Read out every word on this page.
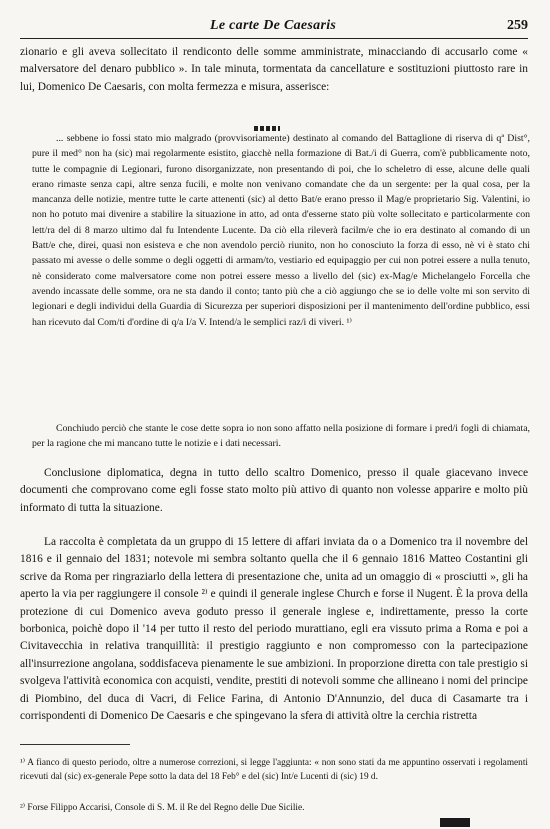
Le carte De Caesaris	259

zionario e gli aveva sollecitato il rendiconto delle somme amministrate, minacciando di accusarlo come « malversatore del denaro pubblico ». In tale minuta, tormentata da cancellature e sostituzioni piuttosto rare in lui, Domenico De Caesaris, con molta fermezza e misura, asserisce:

... sebbene io fossi stato mio malgrado (provvisoriamente) destinato al comando del Battaglione di riserva di qª Dist°, pure il med° non ha (sic) mai regolarmente esistito, giacchè nella formazione di Bat./i di Guerra, com'è pubblicamente noto, tutte le compagnie di Legionari, furono disorganizzate, non presentando di poi, che lo scheletro di esse, alcune delle quali erano rimaste senza capi, altre senza fucili, e molte non venivano comandate che da un sergente: per la qual cosa, per la mancanza delle notizie, mentre tutte le carte attenenti (sic) al detto Bat/e erano presso il Mag/e proprietario Sig. Valentini, io non ho potuto mai divenire a stabilire la situazione in atto, ad onta d'esserne stato più volte sollecitato e particolarmente con lett/ra del di 8 marzo ultimo dal fu Intendente Lucente. Da ciò ella rileverà facilm/e che io era destinato al comando di un Batt/e che, direi, quasi non esisteva e che non avendolo perciò riunito, non ho conosciuto la forza di esso, nè vi è stato chi passato mi avesse o delle somme o degli oggetti di armam/to, vestiario ed equipaggio per cui non potrei essere a nulla tenuto, nè considerato come malversatore come non potrei essere messo a livello del (sic) ex-Mag/e Michelangelo Forcella che avendo incassate delle somme, ora ne sta dando il conto; tanto più che a ciò aggiungo che se io delle volte mi son servito di legionari e degli individui della Guardia di Sicurezza per superiori disposizioni per il mantenimento dell'ordine pubblico, essi han ricevuto dal Com/ti d'ordine di q/a I/a V. Intend/a le semplici raz/i di viveri. ¹⁾

Conchiudo perciò che stante le cose dette sopra io non sono affatto nella posizione di formare i pred/i fogli di chiamata, per la ragione che mi mancano tutte le notizie e i dati necessari.

Conclusione diplomatica, degna in tutto dello scaltro Domenico, presso il quale giacevano invece documenti che comprovano come egli fosse stato molto più attivo di quanto non volesse apparire e molto più informato di tutta la situazione.

La raccolta è completata da un gruppo di 15 lettere di affari inviata da o a Domenico tra il novembre del 1816 e il gennaio del 1831; notevole mi sembra soltanto quella che il 6 gennaio 1816 Matteo Costantini gli scrive da Roma per ringraziarlo della lettera di presentazione che, unita ad un omaggio di « prosciutti », gli ha aperto la via per raggiungere il console ²⁾ e quindi il generale inglese Church e forse il Nugent. È la prova della protezione di cui Domenico aveva goduto presso il generale inglese e, indirettamente, presso la corte borbonica, poichè dopo il '14 per tutto il resto del periodo murattiano, egli era vissuto prima a Roma e poi a Civitavecchia in relativa tranquillità: il prestigio raggiunto e non compromesso con la partecipazione all'insurrezione angolana, soddisfaceva pienamente le sue ambizioni. In proporzione diretta con tale prestigio si svolgeva l'attività economica con acquisti, vendite, prestiti di notevoli somme che allineano i nomi del principe di Piombino, del duca di Vacri, di Felice Farina, di Antonio D'Annunzio, del duca di Casamarte tra i corrispondenti di Domenico De Caesaris e che spingevano la sfera di attività oltre la cerchia ristretta

¹⁾ A fianco di questo periodo, oltre a numerose correzioni, si legge l'aggiunta: « non sono stati da me appuntino osservati i regolamenti ricevuti dal (sic) ex-generale Pepe sotto la data del 18 Feb° e del (sic) Int/e Lucenti di (sic) 19 d.

²⁾ Forse Filippo Accarisi, Console di S. M. il Re del Regno delle Due Sicilie.
